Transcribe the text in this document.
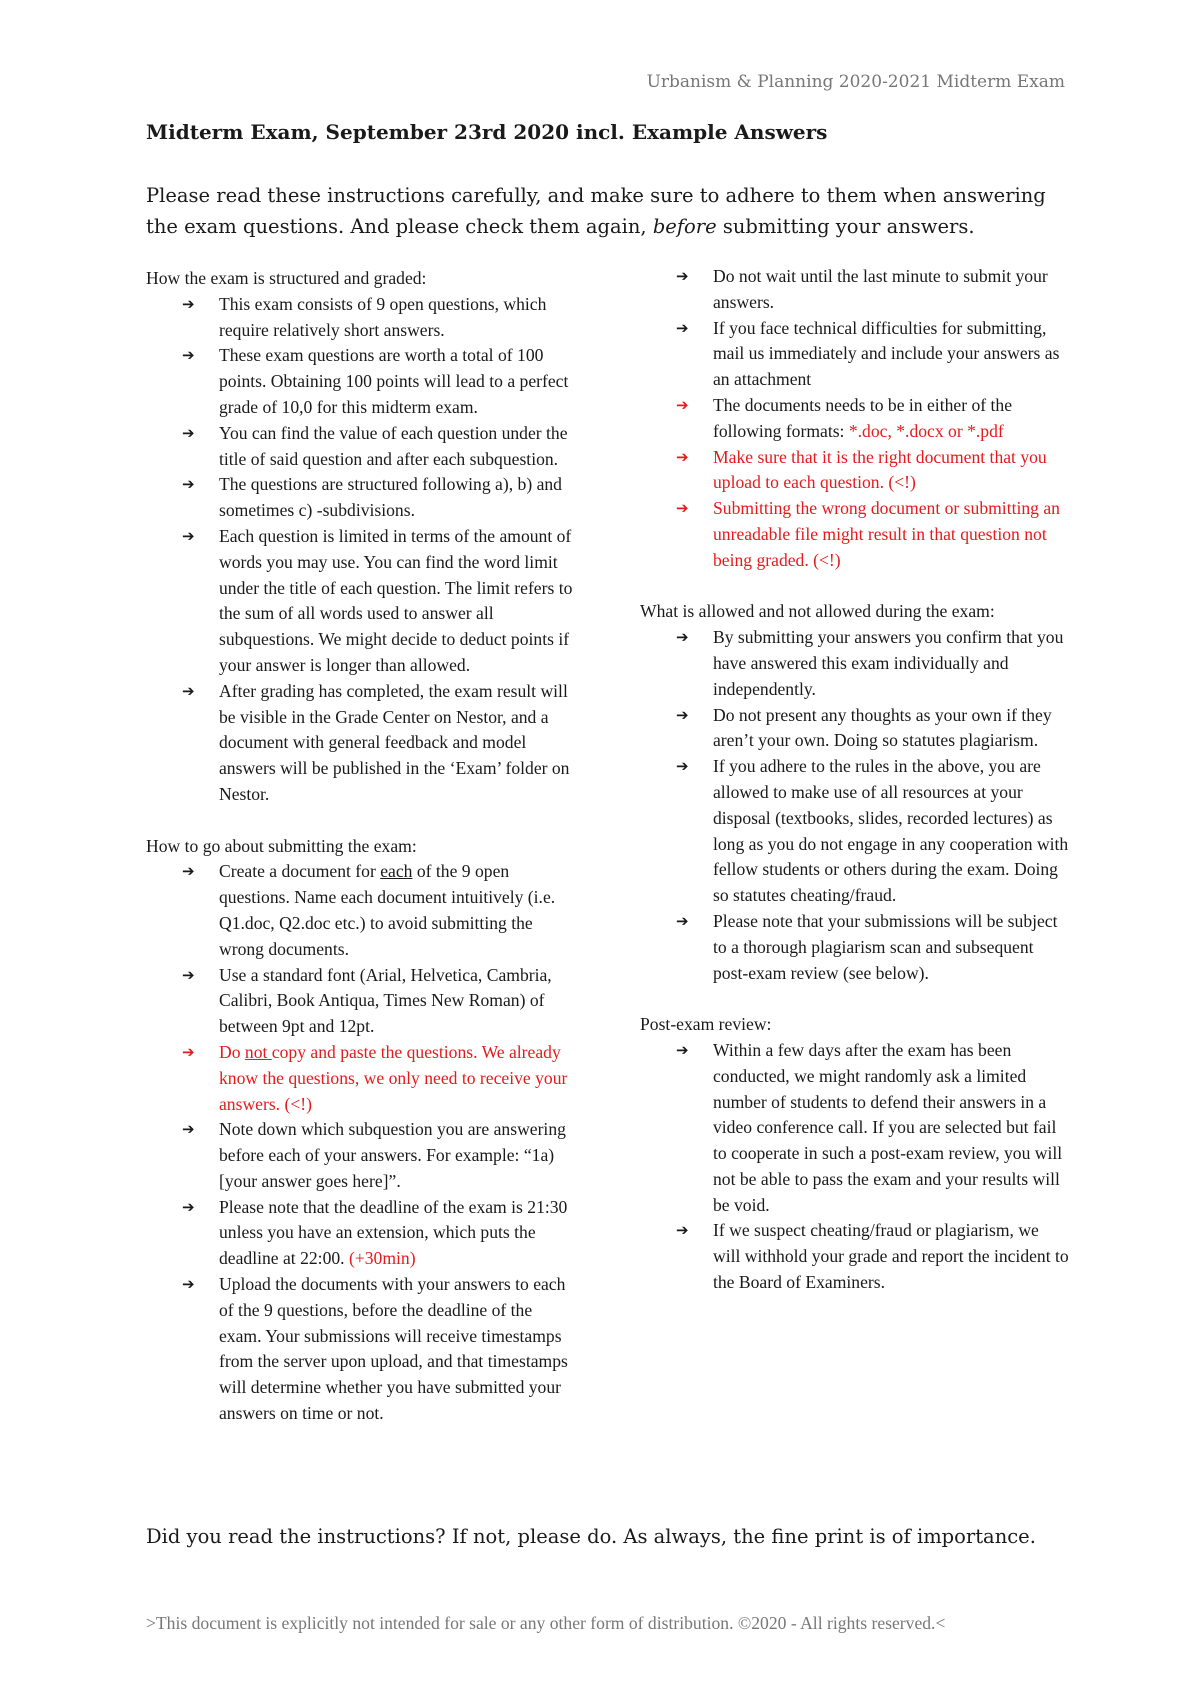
Urbanism & Planning 2020-2021 Midterm Exam
Midterm Exam, September 23rd 2020 incl. Example Answers

Please read these instructions carefully, and make sure to adhere to them when answering the exam questions. And please check them again, before submitting your answers.

How the exam is structured and graded:

➔ This exam consists of 9 open questions, which require relatively short answers.
➔ These exam questions are worth a total of 100 points. Obtaining 100 points will lead to a perfect grade of 10,0 for this midterm exam.
➔ You can find the value of each question under the title of said question and after each subquestion.
➔ The questions are structured following a), b) and sometimes c) -subdivisions.
➔ Each question is limited in terms of the amount of words you may use. You can find the word limit under the title of each question. The limit refers to the sum of all words used to answer all subquestions. We might decide to deduct points if your answer is longer than allowed.
➔ After grading has completed, the exam result will be visible in the Grade Center on Nestor, and a document with general feedback and model answers will be published in the ‘Exam’ folder on Nestor.

How to go about submitting the exam:

➔ Create a document for each of the 9 open questions. Name each document intuitively (i.e. Q1.doc, Q2.doc etc.) to avoid submitting the wrong documents.
➔ Use a standard font (Arial, Helvetica, Cambria, Calibri, Book Antiqua, Times New Roman) of between 9pt and 12pt.
➔ Do not copy and paste the questions. We already know the questions, we only need to receive your answers. (<!)
➔ Note down which subquestion you are answering before each of your answers. For example: “1a) [your answer goes here]”.
➔ Please note that the deadline of the exam is 21:30 unless you have an extension, which puts the deadline at 22:00. (+30min)
➔ Upload the documents with your answers to each of the 9 questions, before the deadline of the exam. Your submissions will receive timestamps from the server upon upload, and that timestamps will determine whether you have submitted your answers on time or not.
➔ Do not wait until the last minute to submit your answers.
➔ If you face technical difficulties for submitting, mail us immediately and include your answers as an attachment
➔ The documents needs to be in either of the following formats: *.doc, *.docx or *.pdf
➔ Make sure that it is the right document that you upload to each question. (<!)
➔ Submitting the wrong document or submitting an unreadable file might result in that question not being graded. (<!)

What is allowed and not allowed during the exam:

➔ By submitting your answers you confirm that you have answered this exam individually and independently.
➔ Do not present any thoughts as your own if they aren’t your own. Doing so statutes plagiarism.
➔ If you adhere to the rules in the above, you are allowed to make use of all resources at your disposal (textbooks, slides, recorded lectures) as long as you do not engage in any cooperation with fellow students or others during the exam. Doing so statutes cheating/fraud.
➔ Please note that your submissions will be subject to a thorough plagiarism scan and subsequent post-exam review (see below).

Post-exam review:

➔ Within a few days after the exam has been conducted, we might randomly ask a limited number of students to defend their answers in a video conference call. If you are selected but fail to cooperate in such a post-exam review, you will not be able to pass the exam and your results will be void.
➔ If we suspect cheating/fraud or plagiarism, we will withhold your grade and report the incident to the Board of Examiners.

Did you read the instructions? If not, please do. As always, the fine print is of importance.

>This document is explicitly not intended for sale or any other form of distribution. ©2020 - All rights reserved.<
